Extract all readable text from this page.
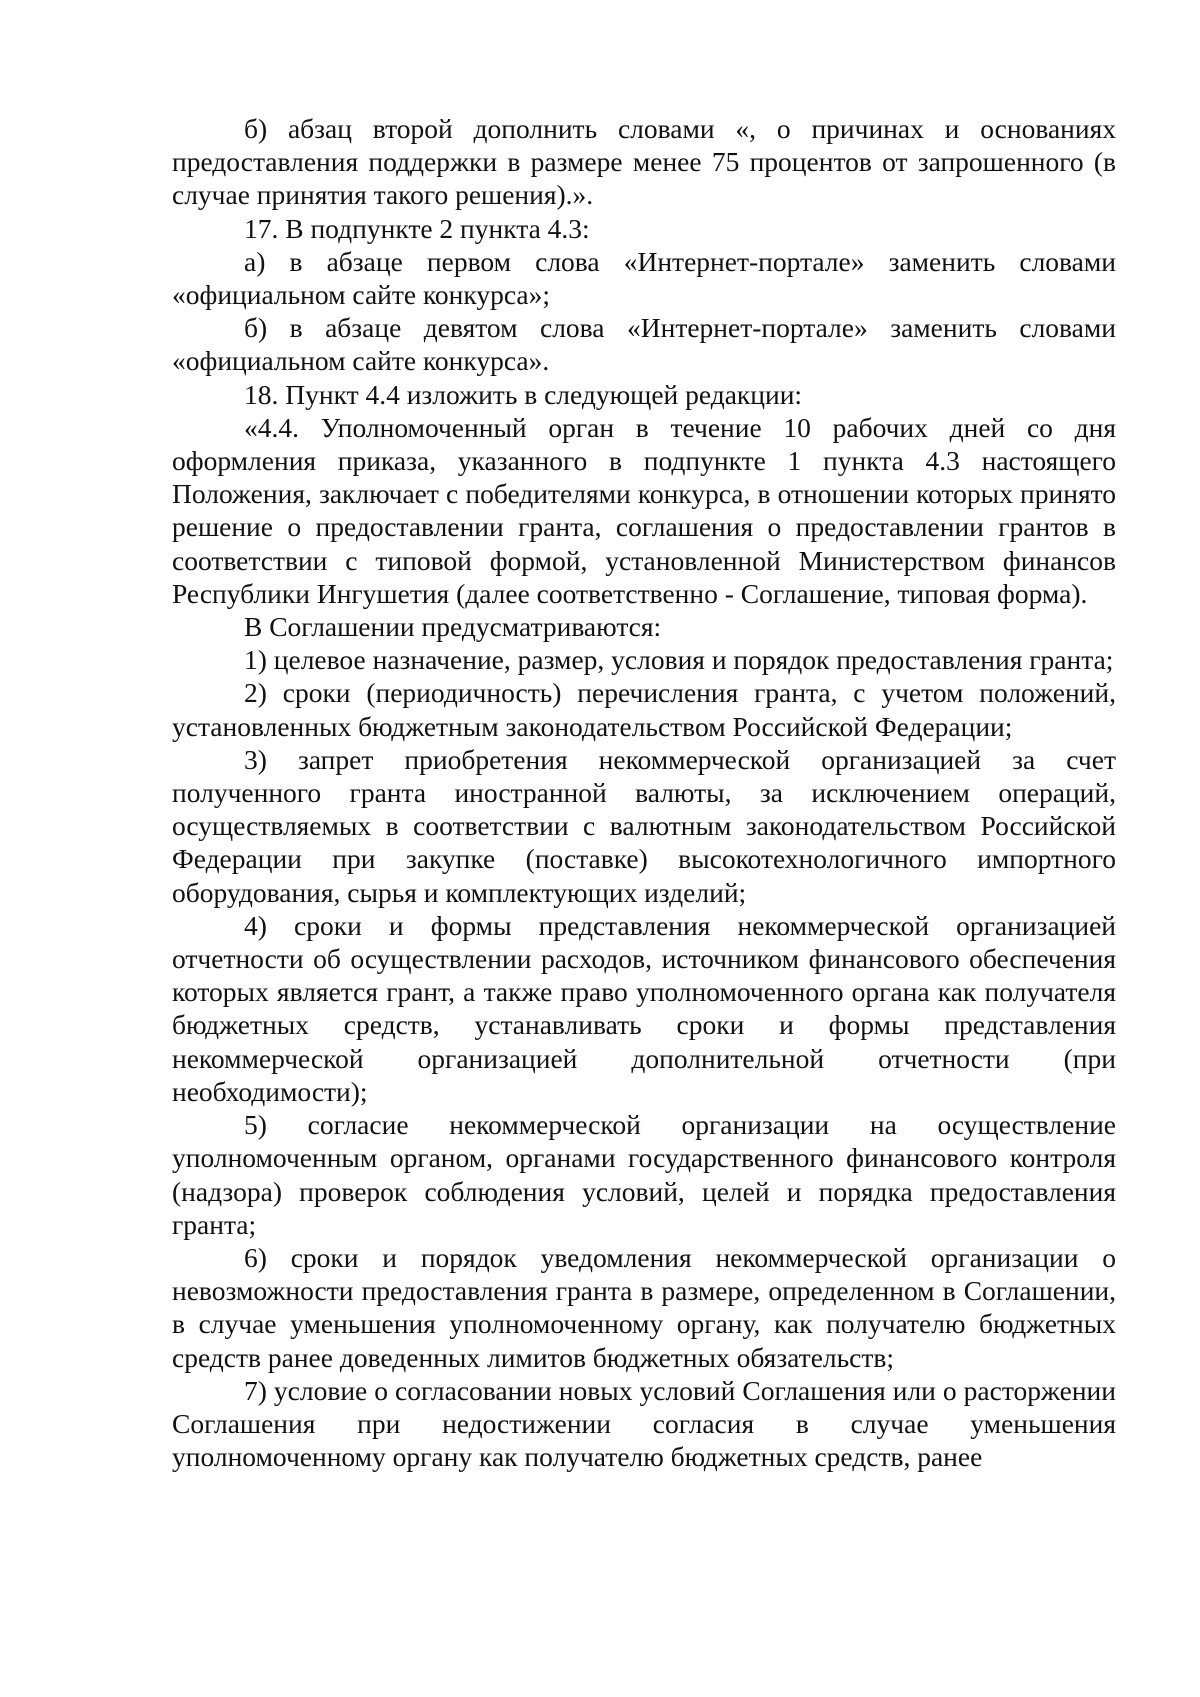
б) абзац второй дополнить словами «, о причинах и основаниях предоставления поддержки в размере менее 75 процентов от запрошенного (в случае принятия такого решения).».

17. В подпункте 2 пункта 4.3:

а) в абзаце первом слова «Интернет-портале» заменить словами «официальном сайте конкурса»;

б) в абзаце девятом слова «Интернет-портале» заменить словами «официальном сайте конкурса».

18. Пункт 4.4 изложить в следующей редакции:

«4.4. Уполномоченный орган в течение 10 рабочих дней со дня оформления приказа, указанного в подпункте 1 пункта 4.3 настоящего Положения, заключает с победителями конкурса, в отношении которых принято решение о предоставлении гранта, соглашения о предоставлении грантов в соответствии с типовой формой, установленной Министерством финансов Республики Ингушетия (далее соответственно - Соглашение, типовая форма).

В Соглашении предусматриваются:

1) целевое назначение, размер, условия и порядок предоставления гранта;

2) сроки (периодичность) перечисления гранта, с учетом положений, установленных бюджетным законодательством Российской Федерации;

3) запрет приобретения некоммерческой организацией за счет полученного гранта иностранной валюты, за исключением операций, осуществляемых в соответствии с валютным законодательством Российской Федерации при закупке (поставке) высокотехнологичного импортного оборудования, сырья и комплектующих изделий;

4) сроки и формы представления некоммерческой организацией отчетности об осуществлении расходов, источником финансового обеспечения которых является грант, а также право уполномоченного органа как получателя бюджетных средств, устанавливать сроки и формы представления некоммерческой организацией дополнительной отчетности (при необходимости);

5) согласие некоммерческой организации на осуществление уполномоченным органом, органами государственного финансового контроля (надзора) проверок соблюдения условий, целей и порядка предоставления гранта;

6) сроки и порядок уведомления некоммерческой организации о невозможности предоставления гранта в размере, определенном в Соглашении, в случае уменьшения уполномоченному органу, как получателю бюджетных средств ранее доведенных лимитов бюджетных обязательств;

7) условие о согласовании новых условий Соглашения или о расторжении Соглашения при недостижении согласия в случае уменьшения уполномоченному органу как получателю бюджетных средств, ранее
